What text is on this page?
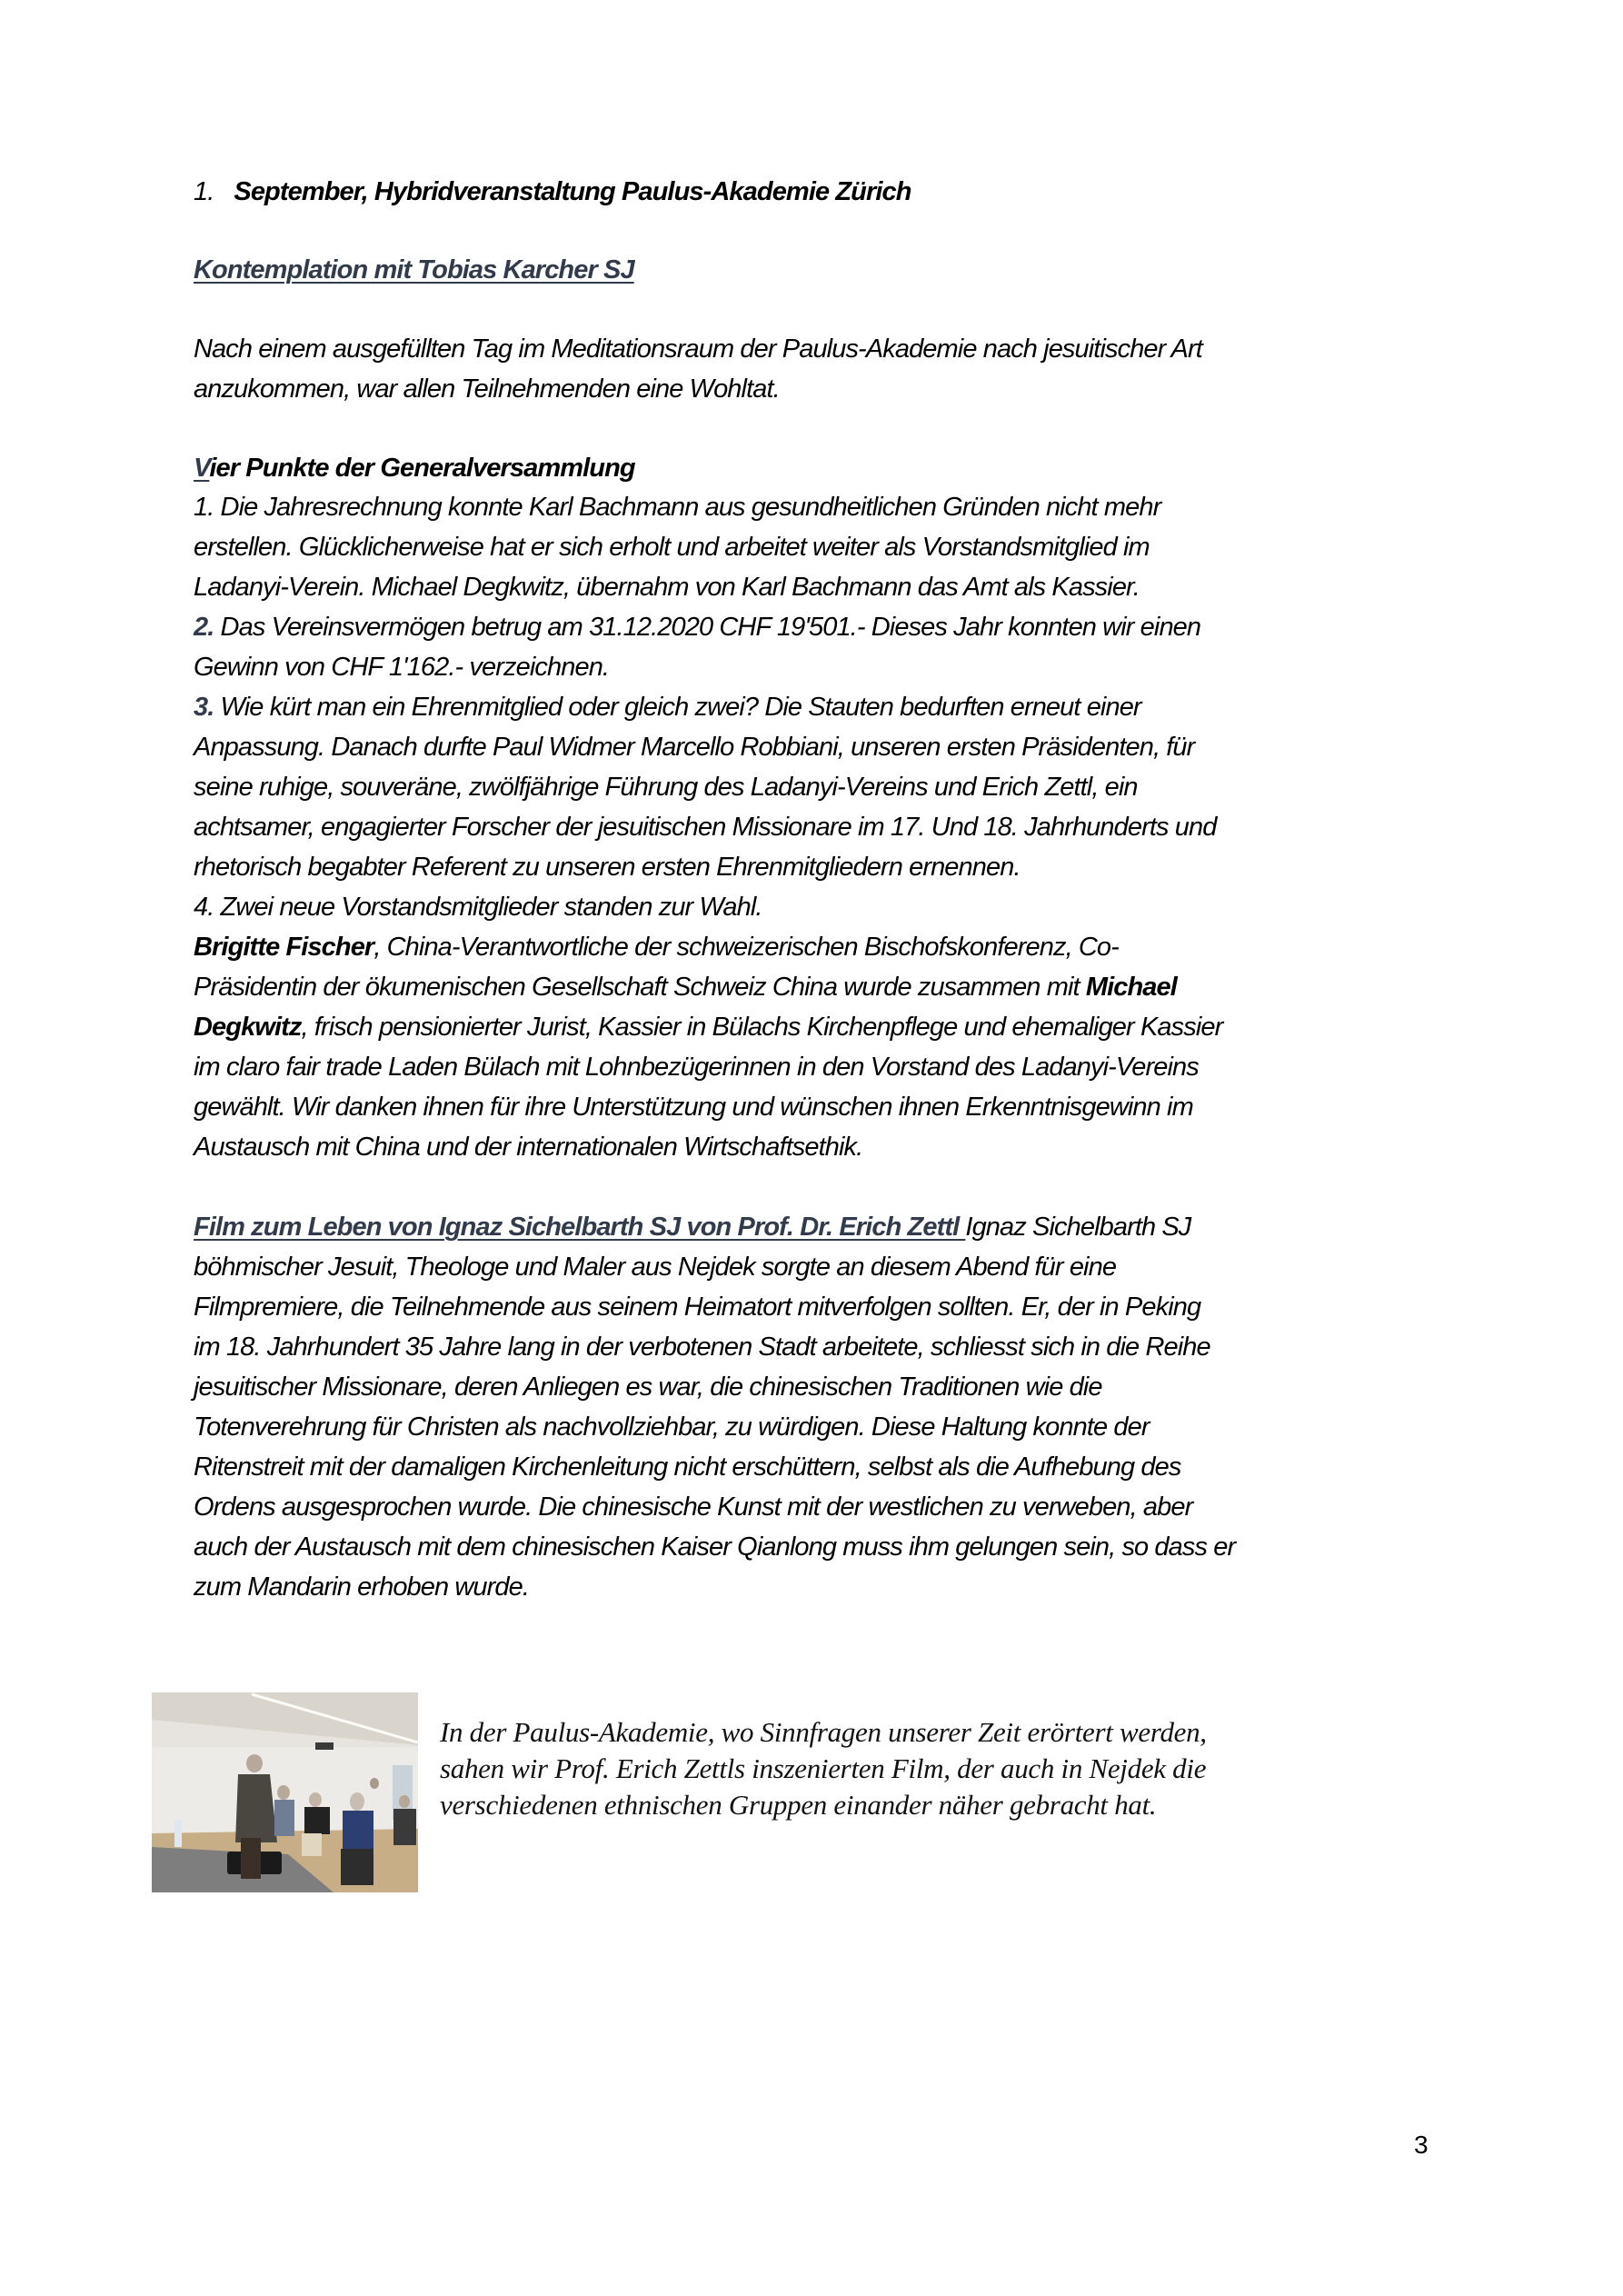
1. September, Hybridveranstaltung Paulus-Akademie Zürich
Kontemplation mit Tobias Karcher SJ
Nach einem ausgefüllten Tag im Meditationsraum der Paulus-Akademie nach jesuitischer Art
anzukommen, war allen Teilnehmenden eine Wohltat.
Vier Punkte der Generalversammlung
1. Die Jahresrechnung konnte Karl Bachmann aus gesundheitlichen Gründen nicht mehr
erstellen. Glücklicherweise hat er sich erholt und arbeitet weiter als Vorstandsmitglied im
Ladanyi-Verein. Michael Degkwitz, übernahm von Karl Bachmann das Amt als Kassier.
2. Das Vereinsvermögen betrug am 31.12.2020 CHF 19'501.- Dieses Jahr konnten wir einen
Gewinn von CHF 1'162.- verzeichnen.
3. Wie kürt man ein Ehrenmitglied oder gleich zwei? Die Stauten bedurften erneut einer
Anpassung. Danach durfte Paul Widmer Marcello Robbiani, unseren ersten Präsidenten, für
seine ruhige, souveräne, zwölfjährige Führung des Ladanyi-Vereins und Erich Zettl, ein
achtsamer, engagierter Forscher der jesuitischen Missionare im 17. Und 18. Jahrhunderts und
rhetorisch begabter Referent zu unseren ersten Ehrenmitgliedern ernennen.
4. Zwei neue Vorstandsmitglieder standen zur Wahl.
Brigitte Fischer, China-Verantwortliche der schweizerischen Bischofskonferenz, Co-
Präsidentin der ökumenischen Gesellschaft Schweiz China wurde zusammen mit Michael
Degkwitz, frisch pensionierter Jurist, Kassier in Bülachs Kirchenpflege und ehemaliger Kassier
im claro fair trade Laden Bülach mit Lohnbezügerinnen in den Vorstand des Ladanyi-Vereins
gewählt. Wir danken ihnen für ihre Unterstützung und wünschen ihnen Erkenntnisgewinn im
Austausch mit China und der internationalen Wirtschaftsethik.
Film zum Leben von Ignaz Sichelbarth SJ von Prof. Dr. Erich Zettl Ignaz Sichelbarth SJ
böhmischer Jesuit, Theologe und Maler aus Nejdek sorgte an diesem Abend für eine
Filmpremiere, die Teilnehmende aus seinem Heimatort mitverfolgen sollten. Er, der in Peking
im 18. Jahrhundert 35 Jahre lang in der verbotenen Stadt arbeitete, schliesst sich in die Reihe
jesuitischer Missionare, deren Anliegen es war, die chinesischen Traditionen wie die
Totenverehrung für Christen als nachvollziehbar, zu würdigen. Diese Haltung konnte der
Ritenstreit mit der damaligen Kirchenleitung nicht erschüttern, selbst als die Aufhebung des
Ordens ausgesprochen wurde. Die chinesische Kunst mit der westlichen zu verweben, aber
auch der Austausch mit dem chinesischen Kaiser Qianlong muss ihm gelungen sein, so dass er
zum Mandarin erhoben wurde.
In der Paulus-Akademie, wo Sinnfragen unserer Zeit erörtert werden,
sahen wir Prof. Erich Zettls inszenierten Film, der auch in Nejdek die
verschiedenen ethnischen Gruppen einander näher gebracht hat.
3
